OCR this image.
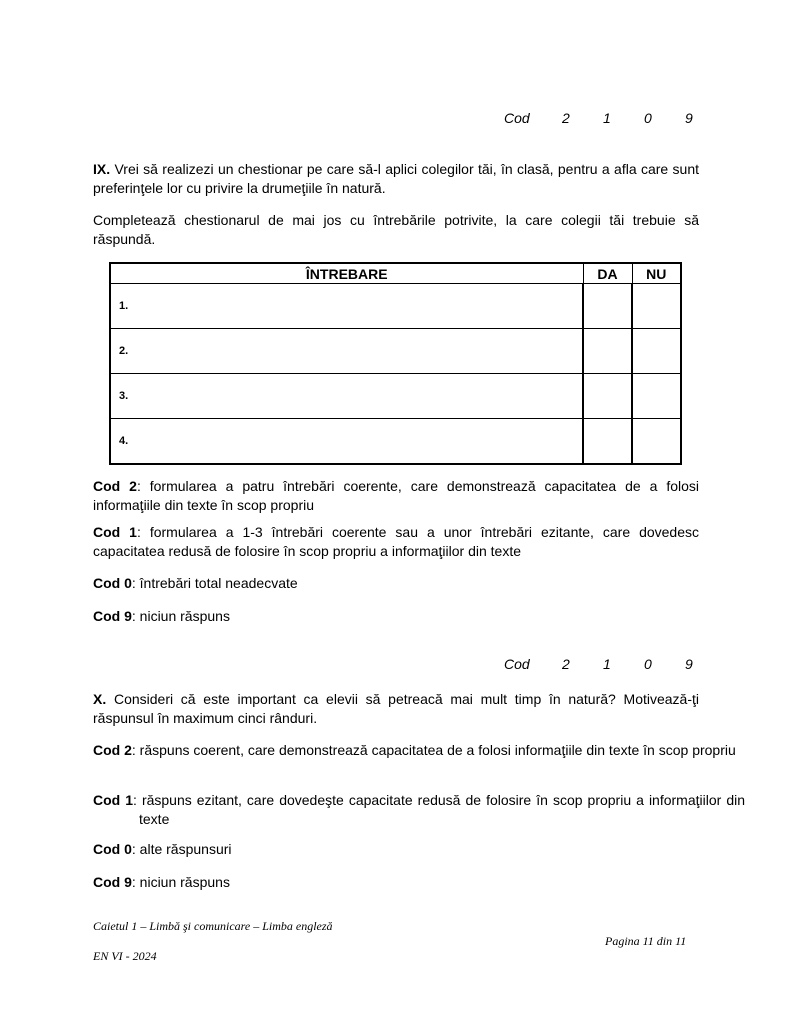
Cod	2	1	0	9
IX. Vrei să realizezi un chestionar pe care să-l aplici colegilor tăi, în clasă, pentru a afla care sunt preferinţele lor cu privire la drumeţiile în natură.
Completează chestionarul de mai jos cu întrebările potrivite, la care colegii tăi trebuie să răspundă.
ÎNTREBARE	DA	NU
1.		
2.		
3.		
4.		
Cod 2: formularea a patru întrebări coerente, care demonstrează capacitatea de a folosi informaţiile din texte în scop propriu
Cod 1: formularea a 1-3 întrebări coerente sau a unor întrebări ezitante, care dovedesc capacitatea redusă de folosire în scop propriu a informaţiilor din texte
Cod 0: întrebări total neadecvate
Cod 9: niciun răspuns
Cod	2	1	0	9
X. Consideri că este important ca elevii să petreacă mai mult timp în natură? Motivează-ţi răspunsul în maximum cinci rânduri.
Cod 2: răspuns coerent, care demonstrează capacitatea de a folosi informaţiile din texte în scop propriu
Cod 1: răspuns ezitant, care dovedeşte capacitate redusă de folosire în scop propriu a informaţiilor din texte
Cod 0: alte răspunsuri
Cod 9: niciun răspuns
Caietul 1 – Limbă şi comunicare – Limba engleză
Pagina 11 din 11
EN VI - 2024
